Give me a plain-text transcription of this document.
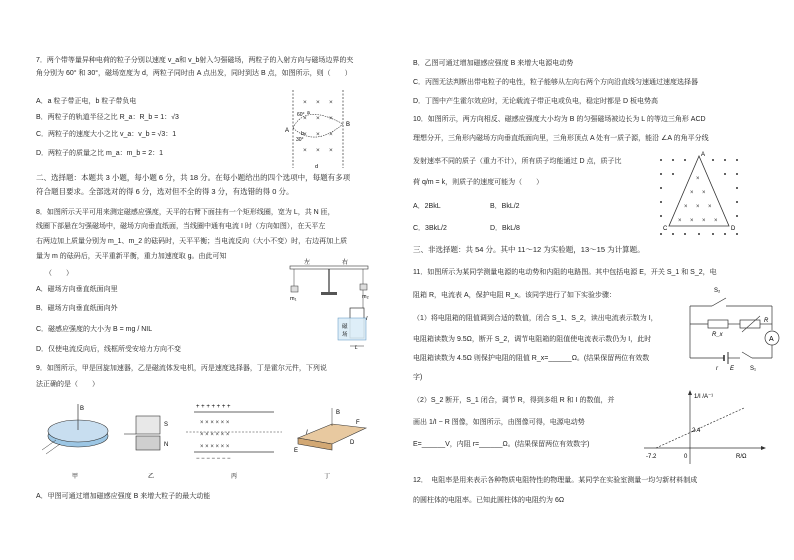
7．两个带等量异种电荷的粒子分别以速度 v_a和 v_b射入匀强磁场，两粒子的入射方向与磁场边界的夹
角分别为 60° 和 30°，磁场宽度为 d，两粒子同时由 A 点出发，同时到达 B 点，如图所示，则（　　）
A．a 粒子带正电，b 粒子带负电
B．两粒子的轨道半径之比 R_a：R_b = 1：√3
C．两粒子的速度大小之比 v_a：v_b = √3：1
D．两粒子的质量之比 m_a：m_b = 2：1
× × ×
× × ×
× × ×
× × ×
A
B
60°
30°
a
b
d
二、选择题：本题共 3 小题，每小题 6 分，共 18 分。在每小题给出的四个选项中，每题有多项
符合题目要求。全部选对的得 6 分，选对但不全的得 3 分，有选错的得 0 分。
8．如图所示天平可用来测定磁感应强度，天平的右臂下面挂有一个矩形线圈，宽为 L，共 N 匝，
线圈下部悬在匀强磁场中，磁场方向垂直纸面，当线圈中通有电流 I 时（方向如图），在天平左
右两边加上质量分别为 m_1、m_2 的砝码时，天平平衡；当电流反向（大小不变）时，右边再加上质
量为 m 的砝码后，天平重新平衡，重力加速度取 g。由此可知
（　　）
A．磁场方向垂直纸面向里
B．磁场方向垂直纸面向外
C．磁感应强度的大小为 B = mg / NIL
D．仅使电流反向后，线框所受安培力方向不变
左	右
m₁	m₂
磁
场
I
L
9．如图所示，甲是回旋加速器，乙是磁流体发电机，丙是速度选择器，丁是霍尔元件，下列说
法正确的是（　　）
B
甲
S
N
乙
+ + + + + + +
− − − − − − −
× × × × × ×
× × × × × ×
× × × × × ×
丙
B
F
E
D
I
丁
A．甲图可通过增加磁感应强度 B 来增大粒子的最大动能
B．乙图可通过增加磁感应强度 B 来增大电源电动势
C．丙图无法判断出带电粒子的电性，粒子能够从左向右两个方向沿直线匀速通过速度选择器
D．丁图中产生霍尔效应时，无论载流子带正电或负电，稳定时都是 D 板电势高
10．如图所示，两方向相反、磁感应强度大小均为 B 的匀强磁场被边长为 L 的等边三角形 ACD
理想分开，三角形内磁场方向垂直纸面向里，三角形顶点 A 处有一质子源，能沿 ∠A 的角平分线
发射速率不同的质子（重力不计），所有质子均能通过 D 点，质子比
荷 q/m = k，则质子的速度可能为（　　）
A．2BkL	B．BkL/2
C．3BkL/2	D．BkL/8
×
× ×
× × ×
× × × ×
A
C	D
三、非选择题：共 54 分。其中 11～12 为实验题，13～15 为计算题。
11．如图所示为某同学测量电源的电动势和内阻的电路图。其中包括电源 E，开关 S_1 和 S_2，电
阻箱 R，电流表 A，保护电阻 R_x。该同学进行了如下实验步骤：
（1）将电阻箱的阻值调到合适的数值，闭合 S_1、S_2，读出电流表示数为 I，
电阻箱读数为 9.5Ω，断开 S_2，调节电阻箱的阻值使电流表示数仍为 I，此时
电阻箱读数为 4.5Ω 则保护电阻的阻值 R_x=______Ω。(结果保留两位有效数
字)
S₂
R_x
R
A
S₁
r E
（2）S_2 断开，S_1 闭合，调节 R，得到多组 R 和 I 的数值，并
画出 1/I − R 图像，如图所示，由图像可得，电源电动势
E=______V，内阻 r=______Ω。(结果保留两位有效数字)
1/I /A⁻¹
R/Ω
2.4
-7.2	0
12．　电阻率是用来表示各种物质电阻特性的物理量。某同学在实验室测量一均匀新材料制成
的圆柱体的电阻率。已知此圆柱体的电阻约为 6Ω
